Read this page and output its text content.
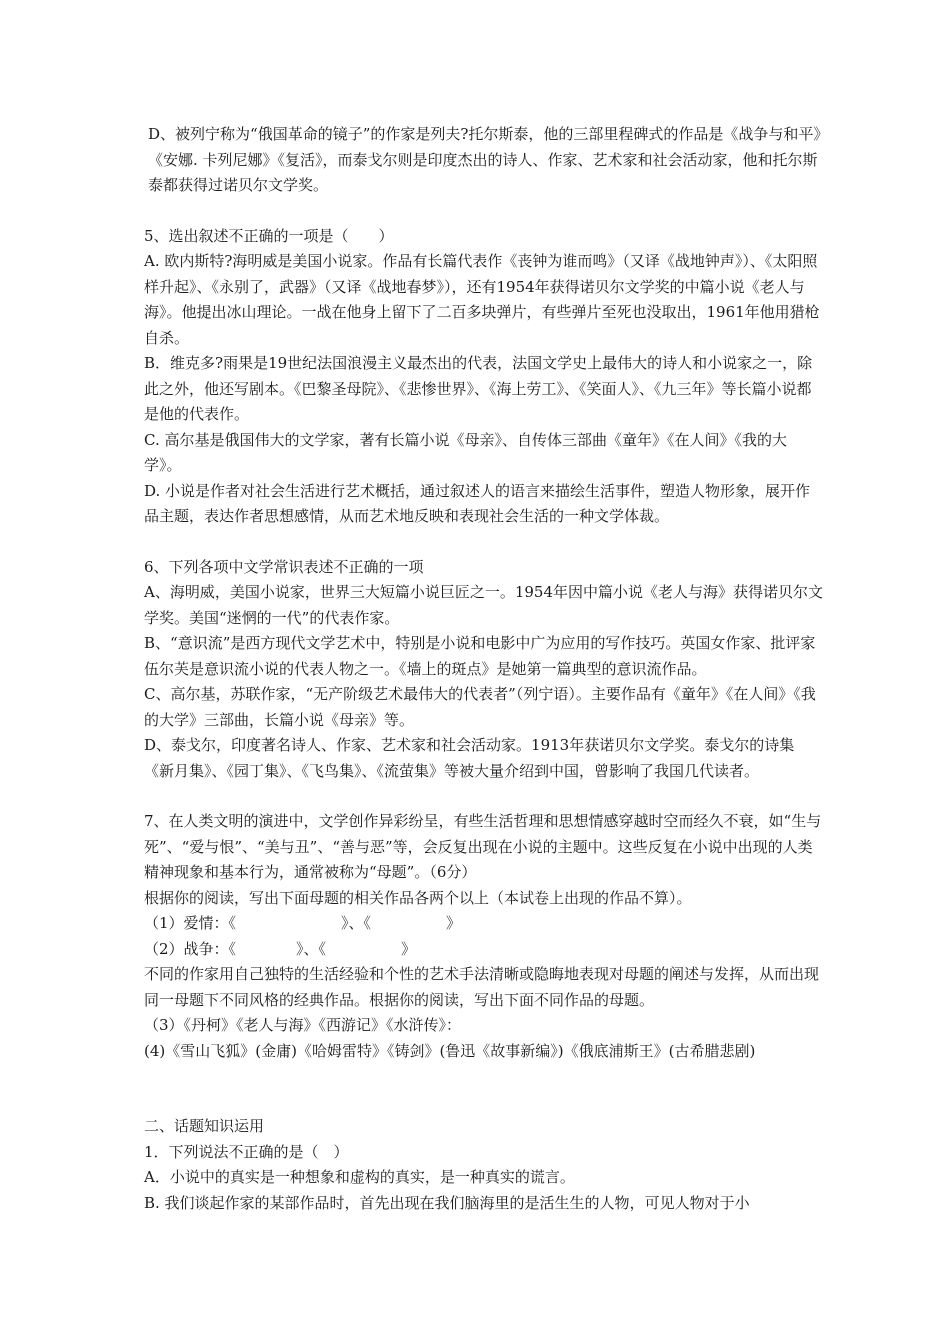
D、被列宁称为“俄国革命的镜子”的作家是列夫?托尔斯泰，他的三部里程碑式的作品是《战争与和平》《安娜. 卡列尼娜》《复活》，而泰戈尔则是印度杰出的诗人、作家、艺术家和社会活动家，他和托尔斯泰都获得过诺贝尔文学奖。

5、选出叙述不正确的一项是（　　）

A. 欧内斯特?海明威是美国小说家。作品有长篇代表作《丧钟为谁而鸣》（又译《战地钟声》）、《太阳照样升起》、《永别了，武器》（又译《战地春梦》），还有1954年获得诺贝尔文学奖的中篇小说《老人与海》。他提出冰山理论。一战在他身上留下了二百多块弹片，有些弹片至死也没取出，1961年他用猎枪自杀。

B．维克多?雨果是19世纪法国浪漫主义最杰出的代表，法国文学史上最伟大的诗人和小说家之一，除此之外，他还写剧本。《巴黎圣母院》、《悲惨世界》、《海上劳工》、《笑面人》、《九三年》等长篇小说都是他的代表作。

C. 高尔基是俄国伟大的文学家，著有长篇小说《母亲》、自传体三部曲《童年》《在人间》《我的大学》。

D. 小说是作者对社会生活进行艺术概括，通过叙述人的语言来描绘生活事件，塑造人物形象，展开作品主题，表达作者思想感情，从而艺术地反映和表现社会生活的一种文学体裁。

6、下列各项中文学常识表述不正确的一项

A、海明威，美国小说家，世界三大短篇小说巨匠之一。1954年因中篇小说《老人与海》获得诺贝尔文学奖。美国“迷惘的一代”的代表作家。

B、“意识流”是西方现代文学艺术中，特别是小说和电影中广为应用的写作技巧。英国女作家、批评家伍尔芙是意识流小说的代表人物之一。《墙上的斑点》是她第一篇典型的意识流作品。

C、高尔基，苏联作家，“无产阶级艺术最伟大的代表者”（列宁语）。主要作品有《童年》《在人间》《我的大学》三部曲，长篇小说《母亲》等。

D、泰戈尔，印度著名诗人、作家、艺术家和社会活动家。1913年获诺贝尔文学奖。泰戈尔的诗集《新月集》、《园丁集》、《飞鸟集》、《流萤集》等被大量介绍到中国，曾影响了我国几代读者。

7、在人类文明的演进中，文学创作异彩纷呈，有些生活哲理和思想情感穿越时空而经久不衰，如“生与死”、“爱与恨”、“美与丑”、“善与恶”等，会反复出现在小说的主题中。这些反复在小说中出现的人类精神现象和基本行为，通常被称为“母题”。（6分）

根据你的阅读，写出下面母题的相关作品各两个以上（本试卷上出现的作品不算）。

（1）爱情：《　　　　　　　》、《　　　　　》

（2）战争：《　　　　》、《　　　　　》

不同的作家用自己独特的生活经验和个性的艺术手法清晰或隐晦地表现对母题的阐述与发挥，从而出现同一母题下不同风格的经典作品。根据你的阅读，写出下面不同作品的母题。

（3）《丹柯》《老人与海》《西游记》《水浒传》：

(4)《雪山飞狐》(金庸)《哈姆雷特》《铸剑》(鲁迅《故事新编》)《俄底浦斯王》(古希腊悲剧)

二、话题知识运用

1．下列说法不正确的是（　）

A．小说中的真实是一种想象和虚构的真实，是一种真实的谎言。

B. 我们谈起作家的某部作品时，首先出现在我们脑海里的是活生生的人物，可见人物对于小
